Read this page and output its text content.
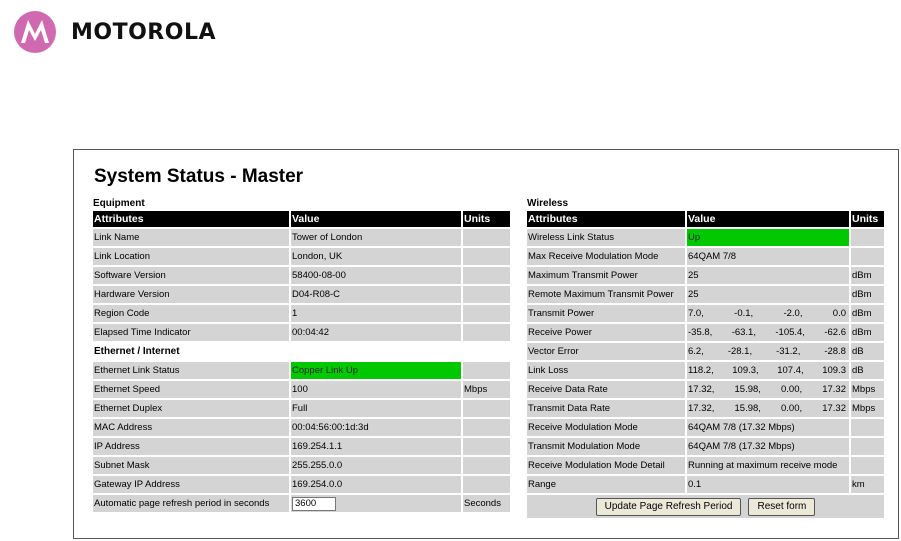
MOTOROLA
System Status - Master
Equipment
Attributes	Value	Units
Link Name	Tower of London	
Link Location	London, UK	
Software Version	58400-08-00	
Hardware Version	D04-R08-C	
Region Code	1	
Elapsed Time Indicator	00:04:42	
Ethernet / Internet		
Ethernet Link Status	Copper Link Up	
Ethernet Speed	100	Mbps
Ethernet Duplex	Full	
MAC Address	00:04:56:00:1d:3d	
IP Address	169.254.1.1	
Subnet Mask	255.255.0.0	
Gateway IP Address	169.254.0.0	
Automatic page refresh period in seconds	3600	Seconds
Wireless
Attributes	Value	Units
Wireless Link Status	Up	
Max Receive Modulation Mode	64QAM 7/8	
Maximum Transmit Power	25	dBm
Remote Maximum Transmit Power	25	dBm
Transmit Power	7.0, -0.1, -2.0, 0.0	dBm
Receive Power	-35.8, -63.1, -105.4, -62.6	dBm
Vector Error	6.2, -28.1, -31.2, -28.8	dB
Link Loss	118.2, 109.3, 107.4, 109.3	dB
Receive Data Rate	17.32, 15.98, 0.00, 17.32	Mbps
Transmit Data Rate	17.32, 15.98, 0.00, 17.32	Mbps
Receive Modulation Mode	64QAM 7/8 (17.32 Mbps)	
Transmit Modulation Mode	64QAM 7/8 (17.32 Mbps)	
Receive Modulation Mode Detail	Running at maximum receive mode	
Range	0.1	km
Update Page Refresh Period	Reset form
